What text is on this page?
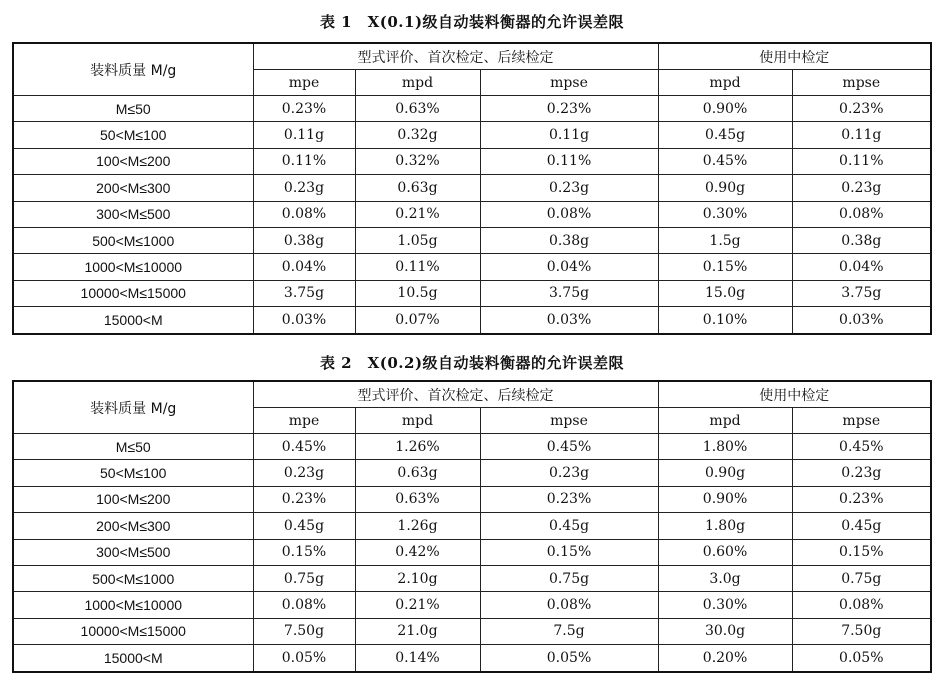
表 1　X(0.1)级自动装料衡器的允许误差限
装料质量 M/g	型式评价、首次检定、后续检定			使用中检定	
	mpe	mpd	mpse	mpd	mpse
M≤50	0.23%	0.63%	0.23%	0.90%	0.23%
50<M≤100	0.11g	0.32g	0.11g	0.45g	0.11g
100<M≤200	0.11%	0.32%	0.11%	0.45%	0.11%
200<M≤300	0.23g	0.63g	0.23g	0.90g	0.23g
300<M≤500	0.08%	0.21%	0.08%	0.30%	0.08%
500<M≤1000	0.38g	1.05g	0.38g	1.5g	0.38g
1000<M≤10000	0.04%	0.11%	0.04%	0.15%	0.04%
10000<M≤15000	3.75g	10.5g	3.75g	15.0g	3.75g
15000<M	0.03%	0.07%	0.03%	0.10%	0.03%
表 2　X(0.2)级自动装料衡器的允许误差限
装料质量 M/g	型式评价、首次检定、后续检定			使用中检定	
	mpe	mpd	mpse	mpd	mpse
M≤50	0.45%	1.26%	0.45%	1.80%	0.45%
50<M≤100	0.23g	0.63g	0.23g	0.90g	0.23g
100<M≤200	0.23%	0.63%	0.23%	0.90%	0.23%
200<M≤300	0.45g	1.26g	0.45g	1.80g	0.45g
300<M≤500	0.15%	0.42%	0.15%	0.60%	0.15%
500<M≤1000	0.75g	2.10g	0.75g	3.0g	0.75g
1000<M≤10000	0.08%	0.21%	0.08%	0.30%	0.08%
10000<M≤15000	7.50g	21.0g	7.5g	30.0g	7.50g
15000<M	0.05%	0.14%	0.05%	0.20%	0.05%
